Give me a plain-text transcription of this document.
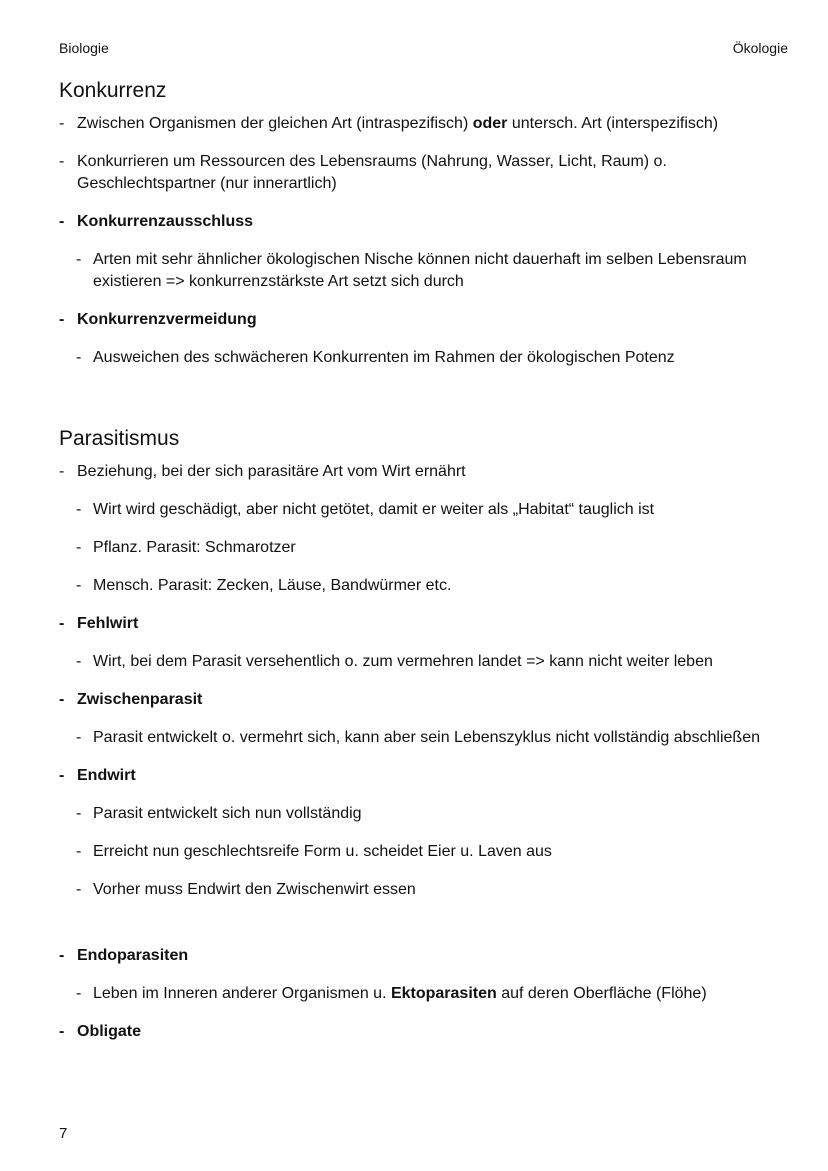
Biologie	Ökologie
Konkurrenz
- Zwischen Organismen der gleichen Art (intraspezifisch) oder untersch. Art (interspezifisch)
- Konkurrieren um Ressourcen des Lebensraums (Nahrung, Wasser, Licht, Raum) o. Geschlechtspartner (nur innerartlich)
- Konkurrenzausschluss
- Arten mit sehr ähnlicher ökologischen Nische können nicht dauerhaft im selben Lebensraum existieren => konkurrenzstärkste Art setzt sich durch
- Konkurrenzvermeidung
- Ausweichen des schwächeren Konkurrenten im Rahmen der ökologischen Potenz
Parasitismus
- Beziehung, bei der sich parasitäre Art vom Wirt ernährt
- Wirt wird geschädigt, aber nicht getötet, damit er weiter als „Habitat“ tauglich ist
- Pflanz. Parasit: Schmarotzer
- Mensch. Parasit: Zecken, Läuse, Bandwürmer etc.
- Fehlwirt
- Wirt, bei dem Parasit versehentlich o. zum vermehren landet => kann nicht weiter leben
- Zwischenparasit
- Parasit entwickelt o. vermehrt sich, kann aber sein Lebenszyklus nicht vollständig abschließen
- Endwirt
- Parasit entwickelt sich nun vollständig
- Erreicht nun geschlechtsreife Form u. scheidet Eier u. Laven aus
- Vorher muss Endwirt den Zwischenwirt essen
- Endoparasiten
- Leben im Inneren anderer Organismen u. Ektoparasiten auf deren Oberfläche (Flöhe)
- Obligate
7
